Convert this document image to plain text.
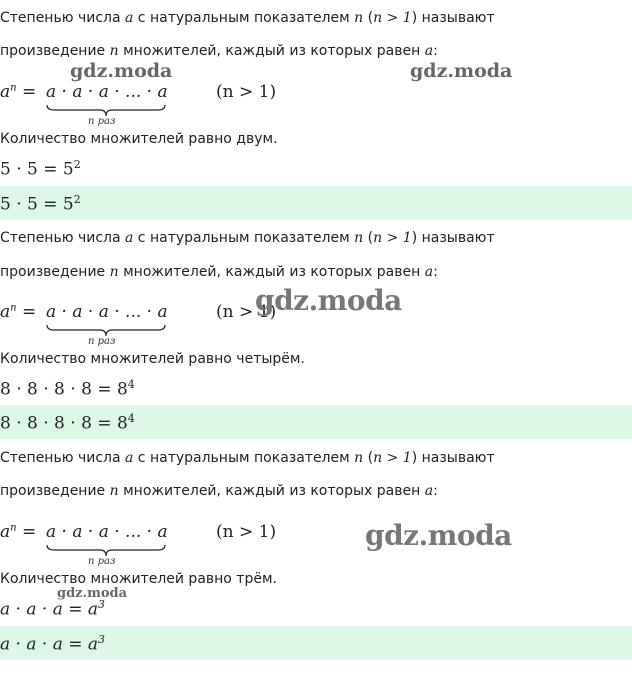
Степенью числа a с натуральным показателем n (n > 1) называют
произведение n множителей, каждый из которых равен a:
gdz.moda	gdz.moda
$a^n = a \cdot a \cdot a$ · ... · a
n раз
(n > 1)
Количество множителей равно двум.
$5 \cdot 5 = 5^2$
$5 \cdot 5 = 5^2$
Степенью числа a с натуральным показателем n (n > 1) называют
произведение n множителей, каждый из которых равен a:
$a^n = a \cdot a \cdot a$ · ... · a
n раз
(n > 1)
gdz.moda
Количество множителей равно четырём.
$8 \cdot 8 \cdot 8 \cdot 8 = 8^4$
$8 \cdot 8 \cdot 8 \cdot 8 = 8^4$
Степенью числа a с натуральным показателем n (n > 1) называют
произведение n множителей, каждый из которых равен a:
$a^n = a \cdot a \cdot a$ · ... · a
n раз
(n > 1)	gdz.moda
Количество множителей равно трём.
gdz.moda
$a \cdot a \cdot a = a^3$
$a \cdot a \cdot a = a^3$
